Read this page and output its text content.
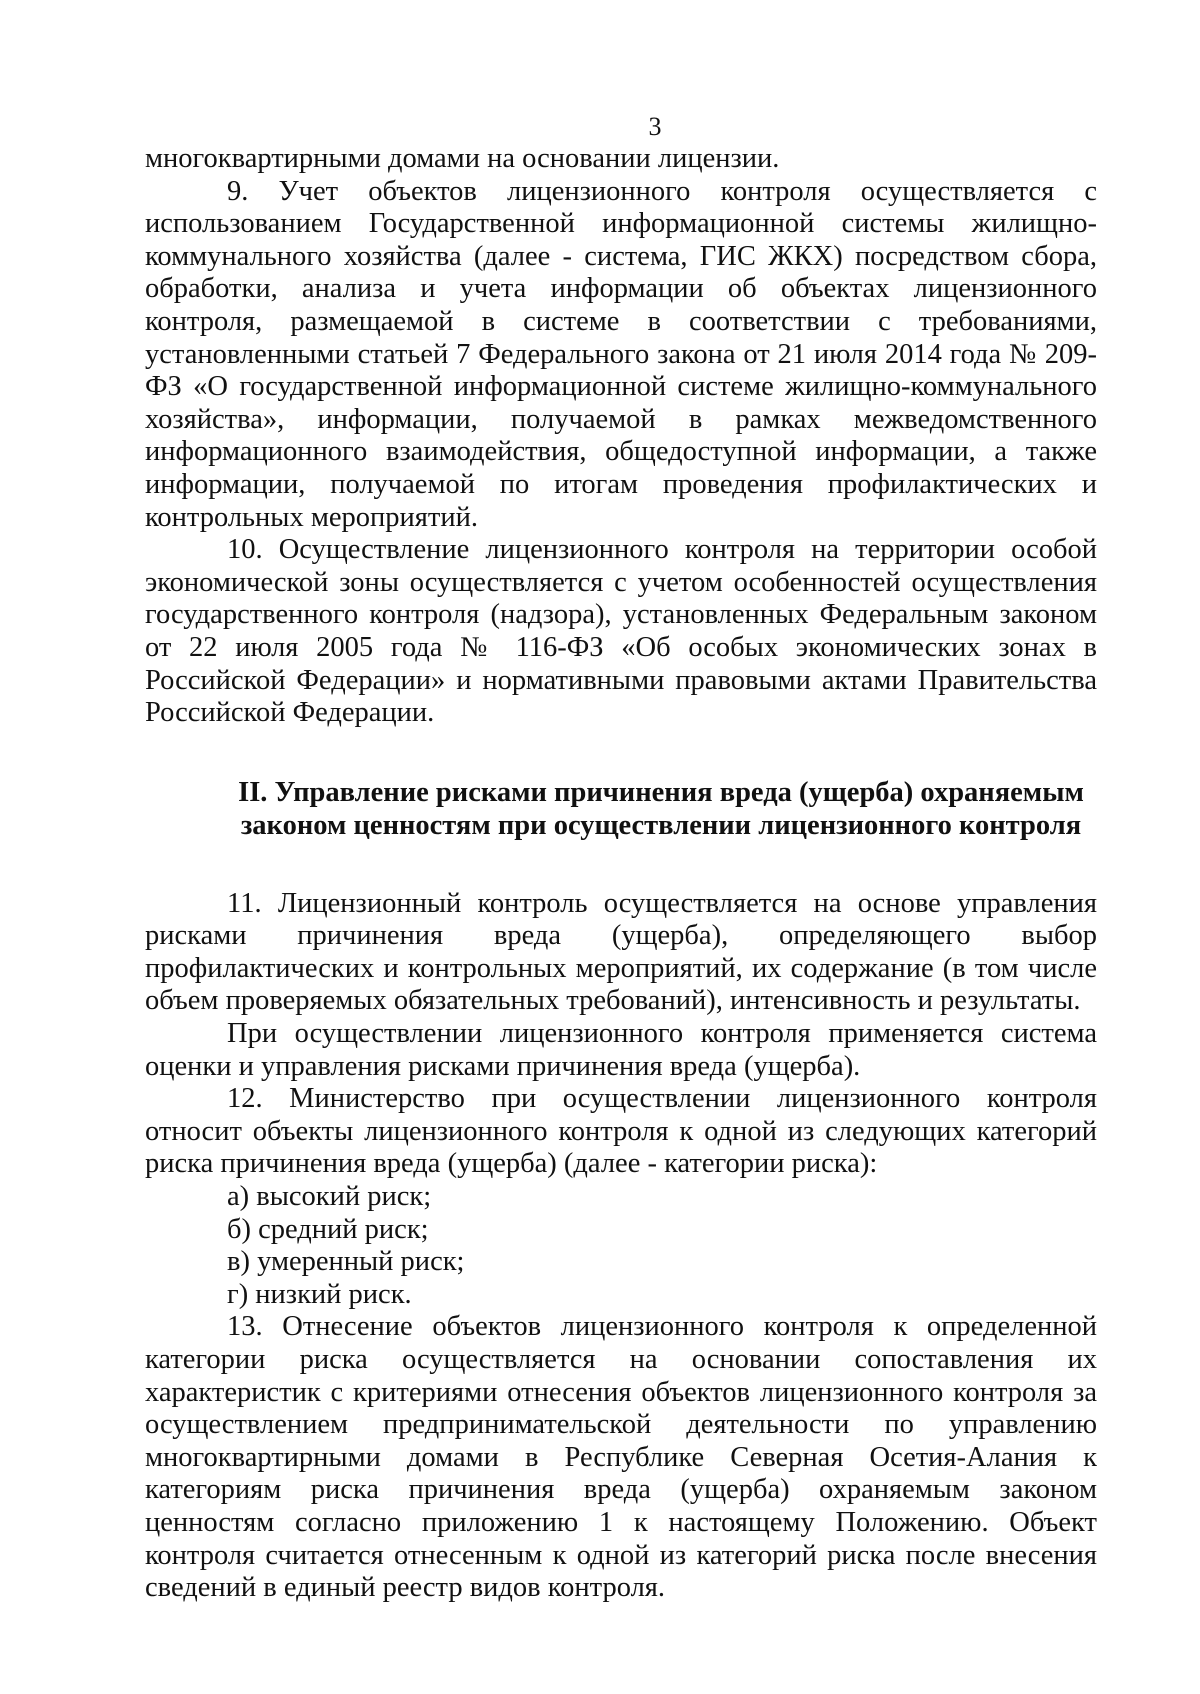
3

многоквартирными домами на основании лицензии.

9. Учет объектов лицензионного контроля осуществляется с использованием Государственной информационной системы жилищно-коммунального хозяйства (далее - система, ГИС ЖКХ) посредством сбора, обработки, анализа и учета информации об объектах лицензионного контроля, размещаемой в системе в соответствии с требованиями, установленными статьей 7 Федерального закона от 21 июля 2014 года № 209-ФЗ «О государственной информационной системе жилищно-коммунального хозяйства», информации, получаемой в рамках межведомственного информационного взаимодействия, общедоступной информации, а также информации, получаемой по итогам проведения профилактических и контрольных мероприятий.

10. Осуществление лицензионного контроля на территории особой экономической зоны осуществляется с учетом особенностей осуществления государственного контроля (надзора), установленных Федеральным законом от 22 июля 2005 года № 116-ФЗ «Об особых экономических зонах в Российской Федерации» и нормативными правовыми актами Правительства Российской Федерации.

II. Управление рисками причинения вреда (ущерба) охраняемым
законом ценностям при осуществлении лицензионного контроля

11. Лицензионный контроль осуществляется на основе управления рисками причинения вреда (ущерба), определяющего выбор профилактических и контрольных мероприятий, их содержание (в том числе объем проверяемых обязательных требований), интенсивность и результаты.

При осуществлении лицензионного контроля применяется система оценки и управления рисками причинения вреда (ущерба).

12. Министерство при осуществлении лицензионного контроля относит объекты лицензионного контроля к одной из следующих категорий риска причинения вреда (ущерба) (далее - категории риска):

а) высокий риск;

б) средний риск;

в) умеренный риск;

г) низкий риск.

13. Отнесение объектов лицензионного контроля к определенной категории риска осуществляется на основании сопоставления их характеристик с критериями отнесения объектов лицензионного контроля за осуществлением предпринимательской деятельности по управлению многоквартирными домами в Республике Северная Осетия-Алания к категориям риска причинения вреда (ущерба) охраняемым законом ценностям согласно приложению 1 к настоящему Положению. Объект контроля считается отнесенным к одной из категорий риска после внесения сведений в единый реестр видов контроля.
